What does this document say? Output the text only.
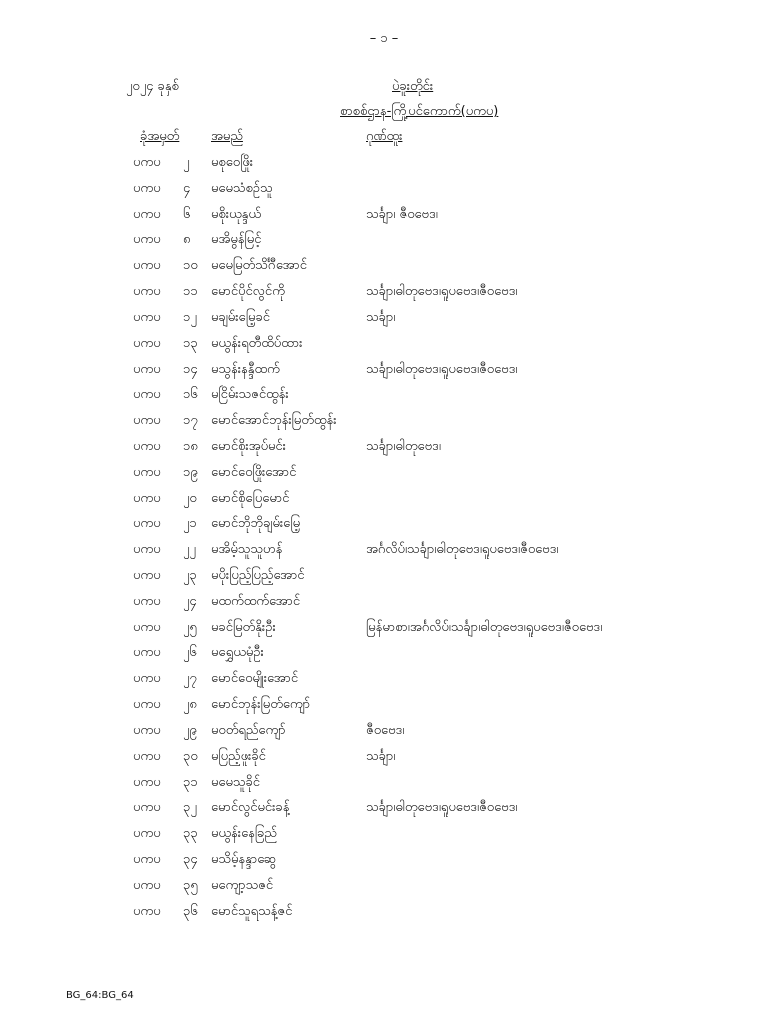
– ၁ –
၂၀၂၄ ခုနှစ်	ပဲခူးတိုင်း
စာစစ်ဌာန-ကြို့ပင်ကောက်(ပကပ)
ခုံအမှတ် အမည်	ဂုဏ်ထူး
ပကပ ၂ မစုဝေဖြိုး
ပကပ ၄ မမေသံစဉ်သူ
ပကပ ၆ မစိုးယုန္ဒယ်	သင်္ချာ၊ ဇီဝဗေဒ၊
ပကပ ၈ မအိမွန်မြင့်
ပကပ ၁၀ မမေမြတ်သိင်္ဂီအောင်
ပကပ ၁၁ မောင်ပိုင်လွင်ကို	သင်္ချာ၊ဓါတုဗေဒ၊ရူပဗေဒ၊ဇီဝဗေဒ၊
ပကပ ၁၂ မချမ်းမြေ့ခင်	သင်္ချာ၊
ပကပ ၁၃ မယွန်းရတီထိပ်ထား
ပကပ ၁၄ မသွန်းနန္ဒီထက်	သင်္ချာ၊ဓါတုဗေဒ၊ရူပဗေဒ၊ဇီဝဗေဒ၊
ပကပ ၁၆ မငြိမ်းသဇင်ထွန်း
ပကပ ၁၇ မောင်အောင်ဘုန်းမြတ်ထွန်း
ပကပ ၁၈ မောင်စိုးအုပ်မင်း	သင်္ချာ၊ဓါတုဗေဒ၊
ပကပ ၁၉ မောင်ဝေဖြိုးအောင်
ပကပ ၂၀ မောင်စိုပြေမောင်
ပကပ ၂၁ မောင်ဘိုဘိုချမ်းမြေ့
ပကပ ၂၂ မအိမ့်သူသူဟန်	အင်္ဂလိပ်၊သင်္ချာ၊ဓါတုဗေဒ၊ရူပဗေဒ၊ဇီဝဗေဒ၊
ပကပ ၂၃ မပိုးပြည့်ပြည့်အောင်
ပကပ ၂၄ မထက်ထက်အောင်
ပကပ ၂၅ မခင်မြတ်နိုးဦး	မြန်မာစာ၊အင်္ဂလိပ်၊သင်္ချာ၊ဓါတုဗေဒ၊ရူပဗေဒ၊ဇီဝဗေဒ၊
ပကပ ၂၆ မရွှေယမုံဦး
ပကပ ၂၇ မောင်ဝေမျိုးအောင်
ပကပ ၂၈ မောင်ဘုန်းမြတ်ကျော်
ပကပ ၂၉ မဝတ်ရည်ကျော်	ဇီဝဗေဒ၊
ပကပ ၃၀ မပြည့်ဖူးခိုင်	သင်္ချာ၊
ပကပ ၃၁ မမေသူခိုင်
ပကပ ၃၂ မောင်လွင်မင်းခန့်	သင်္ချာ၊ဓါတုဗေဒ၊ရူပဗေဒ၊ဇီဝဗေဒ၊
ပကပ ၃၃ မယွန်းနေခြည်
ပကပ ၃၄ မသိမ့်နန္ဒာဆွေ
ပကပ ၃၅ မကျော့သဇင်
ပကပ ၃၆ မောင်သူရသန့်ဇင်
BG_64:BG_64
